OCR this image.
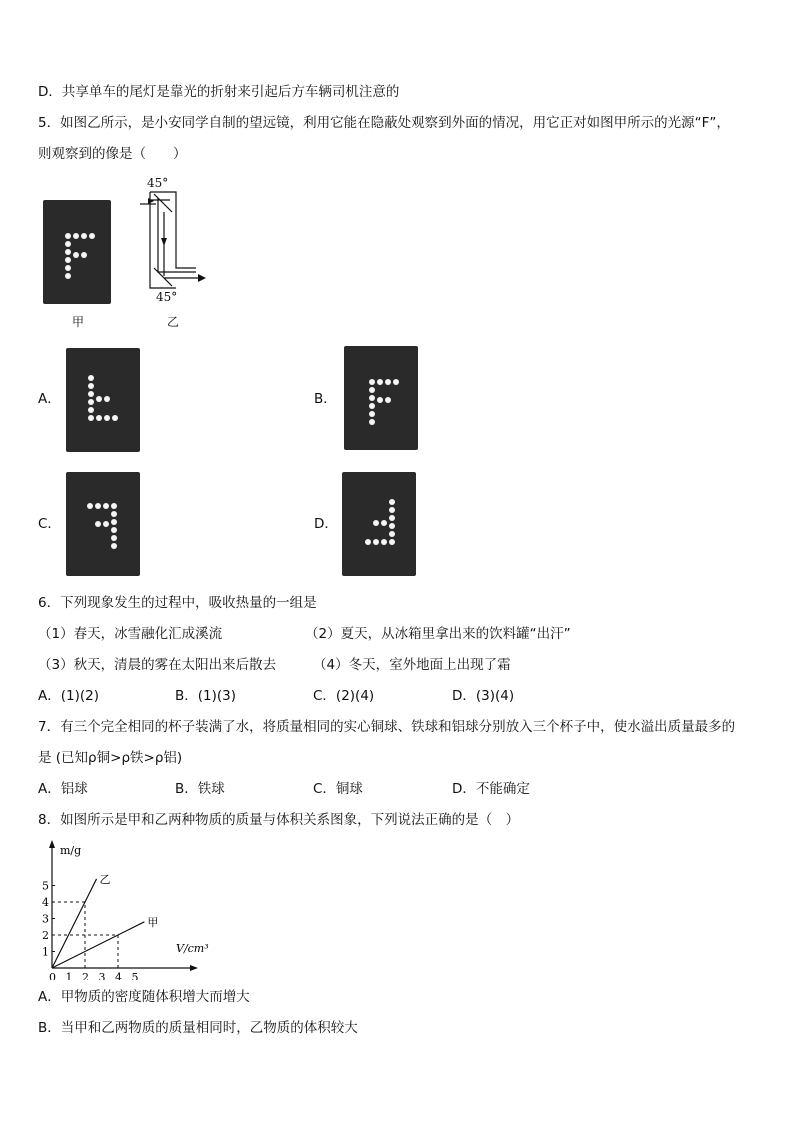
D．共享单车的尾灯是靠光的折射来引起后方车辆司机注意的
5．如图乙所示，是小安同学自制的望远镜，利用它能在隐蔽处观察到外面的情况，用它正对如图甲所示的光源“F”，
则观察到的像是（　　）
甲
45°
45°
乙
A．	B．
C．	D．
6．下列现象发生的过程中，吸收热量的一组是
（1）春天，冰雪融化汇成溪流	（2）夏天，从冰箱里拿出来的饮料罐“出汗”
（3）秋天，清晨的雾在太阳出来后散去	（4）冬天，室外地面上出现了霜
A．(1)(2)	B．(1)(3)	C．(2)(4)	D．(3)(4)
7．有三个完全相同的杯子装满了水，将质量相同的实心铜球、铁球和铝球分别放入三个杯子中，使水溢出质量最多的
是 (已知ρ铜>ρ铁>ρ铝)
A．铝球	B．铁球	C．铜球	D．不能确定
8．如图所示是甲和乙两种物质的质量与体积关系图象，下列说法正确的是（　）
乙
甲
0 1 2 3 4 5
1
2
3
4
5
m/g
V/cm³
A．甲物质的密度随体积增大而增大
B．当甲和乙两物质的质量相同时，乙物质的体积较大
